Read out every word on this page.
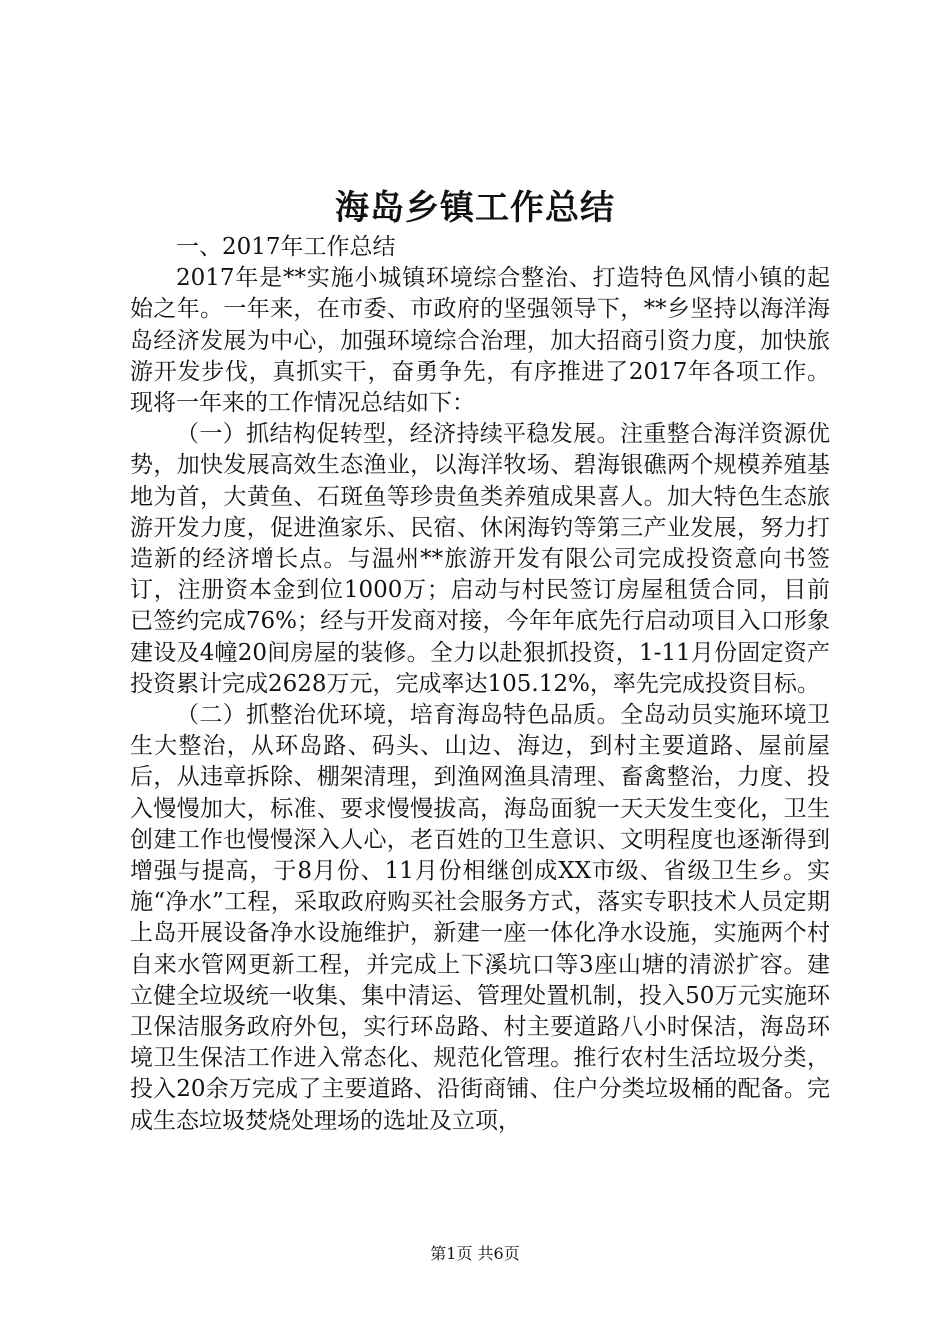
海岛乡镇工作总结

一、2017年工作总结

2017年是**实施小城镇环境综合整治、打造特色风情小镇的起始之年。一年来，在市委、市政府的坚强领导下，**乡坚持以海洋海岛经济发展为中心，加强环境综合治理，加大招商引资力度，加快旅游开发步伐，真抓实干，奋勇争先，有序推进了2017年各项工作。现将一年来的工作情况总结如下：

（一）抓结构促转型，经济持续平稳发展。注重整合海洋资源优势，加快发展高效生态渔业，以海洋牧场、碧海银礁两个规模养殖基地为首，大黄鱼、石斑鱼等珍贵鱼类养殖成果喜人。加大特色生态旅游开发力度，促进渔家乐、民宿、休闲海钓等第三产业发展，努力打造新的经济增长点。与温州**旅游开发有限公司完成投资意向书签订，注册资本金到位1000万；启动与村民签订房屋租赁合同，目前已签约完成76%；经与开发商对接，今年年底先行启动项目入口形象建设及4幢20间房屋的装修。全力以赴狠抓投资，1-11月份固定资产投资累计完成2628万元，完成率达105.12%，率先完成投资目标。

（二）抓整治优环境，培育海岛特色品质。全岛动员实施环境卫生大整治，从环岛路、码头、山边、海边，到村主要道路、屋前屋后，从违章拆除、棚架清理，到渔网渔具清理、畜禽整治，力度、投入慢慢加大，标准、要求慢慢拔高，海岛面貌一天天发生变化，卫生创建工作也慢慢深入人心，老百姓的卫生意识、文明程度也逐渐得到增强与提高，于8月份、11月份相继创成XX市级、省级卫生乡。实施“净水”工程，采取政府购买社会服务方式，落实专职技术人员定期上岛开展设备净水设施维护，新建一座一体化净水设施，实施两个村自来水管网更新工程，并完成上下溪坑口等3座山塘的清淤扩容。建立健全垃圾统一收集、集中清运、管理处置机制，投入50万元实施环卫保洁服务政府外包，实行环岛路、村主要道路八小时保洁，海岛环境卫生保洁工作进入常态化、规范化管理。推行农村生活垃圾分类，投入20余万完成了主要道路、沿街商铺、住户分类垃圾桶的配备。完成生态垃圾焚烧处理场的选址及立项，

第1页 共6页
